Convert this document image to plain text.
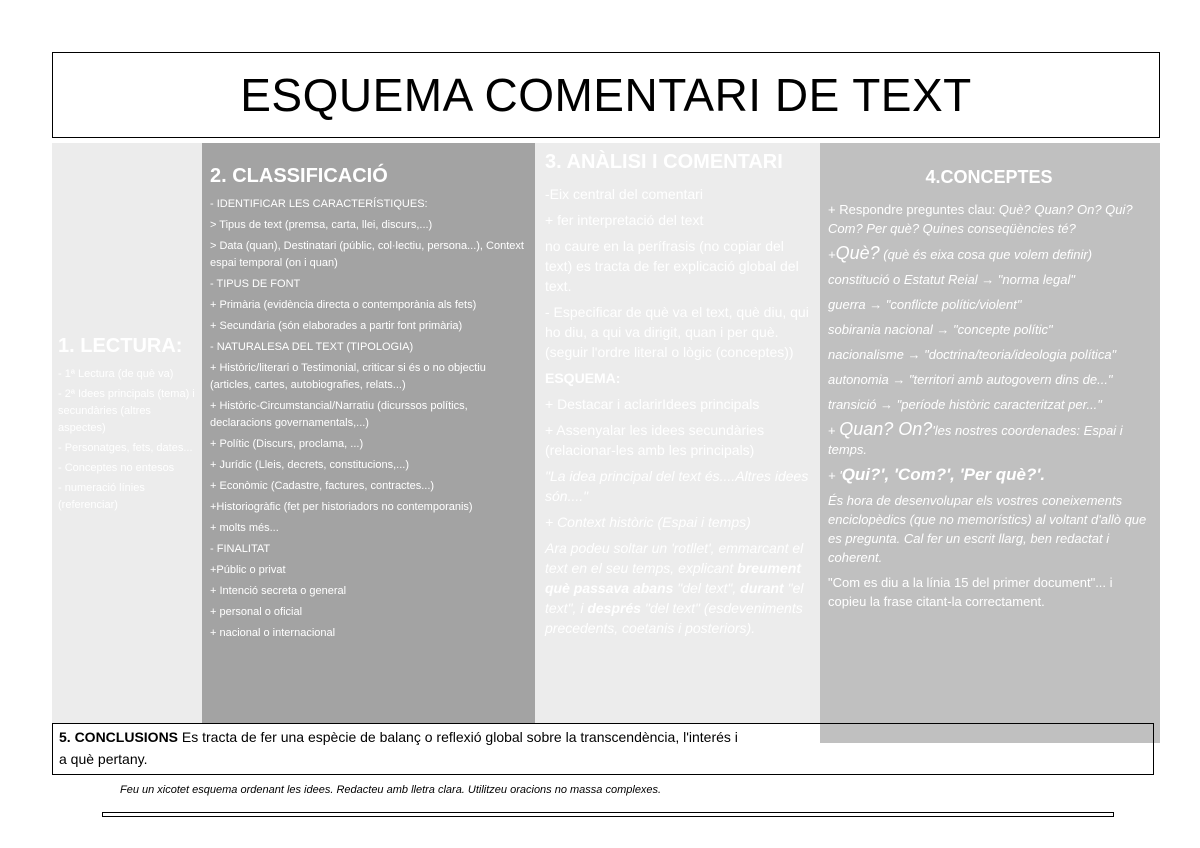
ESQUEMA COMENTARI DE TEXT
1. LECTURA:
- 1ª Lectura (de què va)
- 2ª Idees principals (tema) i secundàries (altres aspectes)
- Personatges, fets, dates...
- Conceptes no entesos
- numeració línies (referenciar)
2. CLASSIFICACIÓ
- IDENTIFICAR LES CARACTERÍSTIQUES:
> Tipus de text (premsa, carta, llei, discurs,...)
> Data (quan), Destinatari (públic, col·lectiu, persona...), Context espai temporal (on i quan)
- TIPUS DE FONT
+ Primària (evidència directa o contemporània als fets)
+ Secundària (són elaborades a partir font primària)
- NATURALESA DEL TEXT (TIPOLOGIA)
+ Històric/literari o Testimonial, criticar si és o no objectiu (articles, cartes, autobiografies, relats...)
+ Històric-Circumstancial/Narratiu (dicurssos polítics, declaracions governamentals,...)
+ Polític (Discurs, proclama, ...)
+ Jurídic (Lleis, decrets, constitucions,...)
+ Econòmic (Cadastre, factures, contractes...)
+Historiogràfic (fet per historiadors no contemporanis)
+ molts més...
- FINALITAT
+Públic o privat
+ Intenció secreta o general
+ personal o oficial
+ nacional o internacional
3. ANÀLISI I COMENTARI

-Eix central del comentari

+ fer interpretació del text

no caure en la perífrasis (no copiar del text) es tracta de fer explicació global del text.

- Especificar de què va el text, què diu, qui ho diu, a qui va dirigit, quan i per què. (seguir l'ordre literal o lògic (conceptes))

ESQUEMA:

+ Destacar i aclarirIdees principals

+ Assenyalar les idees secundàries (relacionar-les amb les principals)

"La idea principal del text és....Altres idees són...."

+ Context històric (Espai i temps)

Ara podeu soltar un 'rotllet', emmarcant el text en el seu temps, explicant breument què passava abans "del text", durant "el text", i després "del text" (esdeveniments precedents, coetanis i posteriors).

4.CONCEPTES

+ Respondre preguntes clau: Què? Quan? On? Qui? Com? Per què? Quines conseqüències té?

+Què? (què és eixa cosa que volem definir)

constitució o Estatut Reial → "norma legal"
guerra → "conflicte polític/violent"
sobirania nacional → "concepte polític"
nacionalisme → "doctrina/teoria/ideologia política"
autonomia → "territori amb autogovern dins de..."
transició → "període històric caracteritzat per..."

+ Quan? On?'les nostres coordenades: Espai i temps.

+ 'Qui?', 'Com?', 'Per què?'.

És hora de desenvolupar els vostres coneixements enciclopèdics (que no memorístics) al voltant d'allò que es pregunta. Cal fer un escrit llarg, ben redactat i coherent.

"Com es diu a la línia 15 del primer document"... i copieu la frase citant-la correctament.

5. CONCLUSIONS Es tracta de fer una espècie de balanç o reflexió global sobre la transcendència, l'interés i
a què pertany.
Feu un xicotet esquema ordenant les idees. Redacteu amb lletra clara. Utilitzeu oracions no massa complexes.
